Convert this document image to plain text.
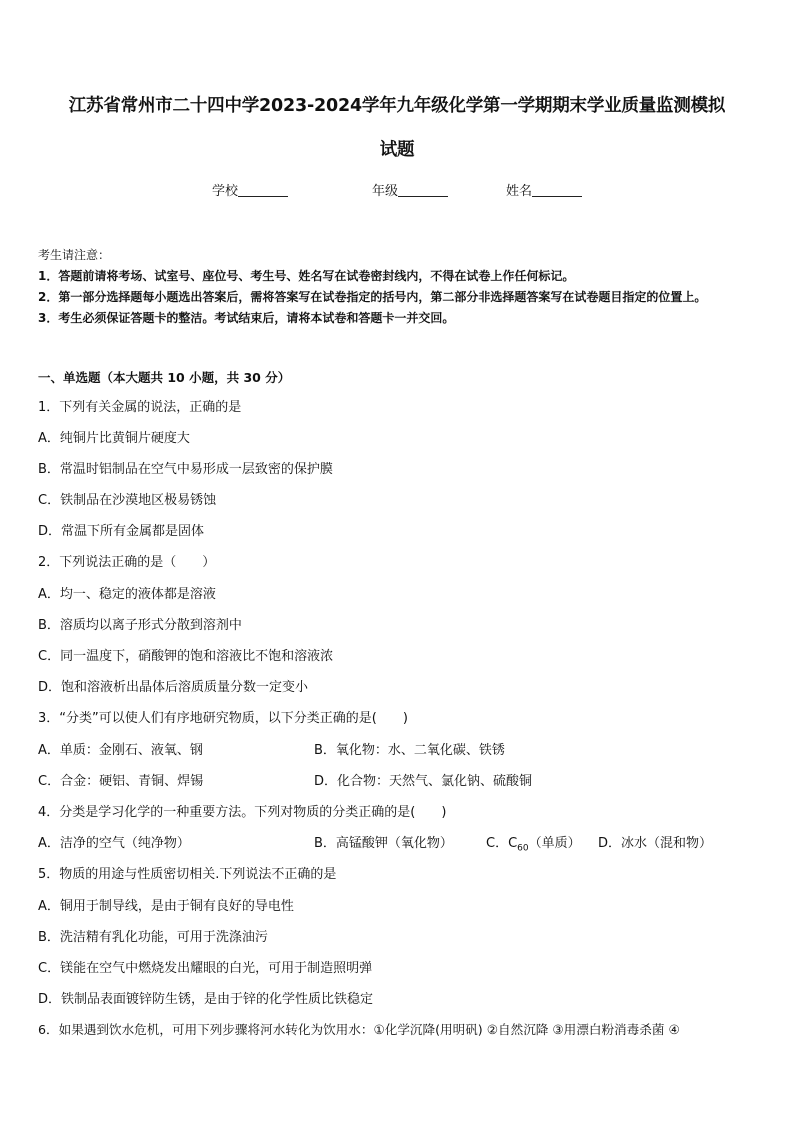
江苏省常州市二十四中学2023-2024学年九年级化学第一学期期末学业质量监测模拟
试题
学校	年级	姓名
考生请注意：
1．答题前请将考场、试室号、座位号、考生号、姓名写在试卷密封线内，不得在试卷上作任何标记。
2．第一部分选择题每小题选出答案后，需将答案写在试卷指定的括号内，第二部分非选择题答案写在试卷题目指定的位置上。
3．考生必须保证答题卡的整洁。考试结束后，请将本试卷和答题卡一并交回。
一、单选题（本大题共 10 小题，共 30 分）
1．下列有关金属的说法，正确的是
A．纯铜片比黄铜片硬度大
B．常温时铝制品在空气中易形成一层致密的保护膜
C．铁制品在沙漠地区极易锈蚀
D．常温下所有金属都是固体
2．下列说法正确的是（　　）
A．均一、稳定的液体都是溶液
B．溶质均以离子形式分散到溶剂中
C．同一温度下，硝酸钾的饱和溶液比不饱和溶液浓
D．饱和溶液析出晶体后溶质质量分数一定变小
3．“分类”可以使人们有序地研究物质，以下分类正确的是(　　)
A．单质：金刚石、液氧、钢	B．氧化物：水、二氧化碳、铁锈
C．合金：硬铝、青铜、焊锡	D．化合物：天然气、氯化钠、硫酸铜
4．分类是学习化学的一种重要方法。下列对物质的分类正确的是(　　)
A．洁净的空气（纯净物）	B．高锰酸钾（氧化物）	C．$C_{60}$（单质） D．冰水（混和物）
5．物质的用途与性质密切相关.下列说法不正确的是
A．铜用于制导线，是由于铜有良好的导电性
B．洗洁精有乳化功能，可用于洗涤油污
C．镁能在空气中燃烧发出耀眼的白光，可用于制造照明弹
D．铁制品表面镀锌防生锈，是由于锌的化学性质比铁稳定
6．如果遇到饮水危机，可用下列步骤将河水转化为饮用水：①化学沉降(用明矾) ②自然沉降 ③用漂白粉消毒杀菌 ④
